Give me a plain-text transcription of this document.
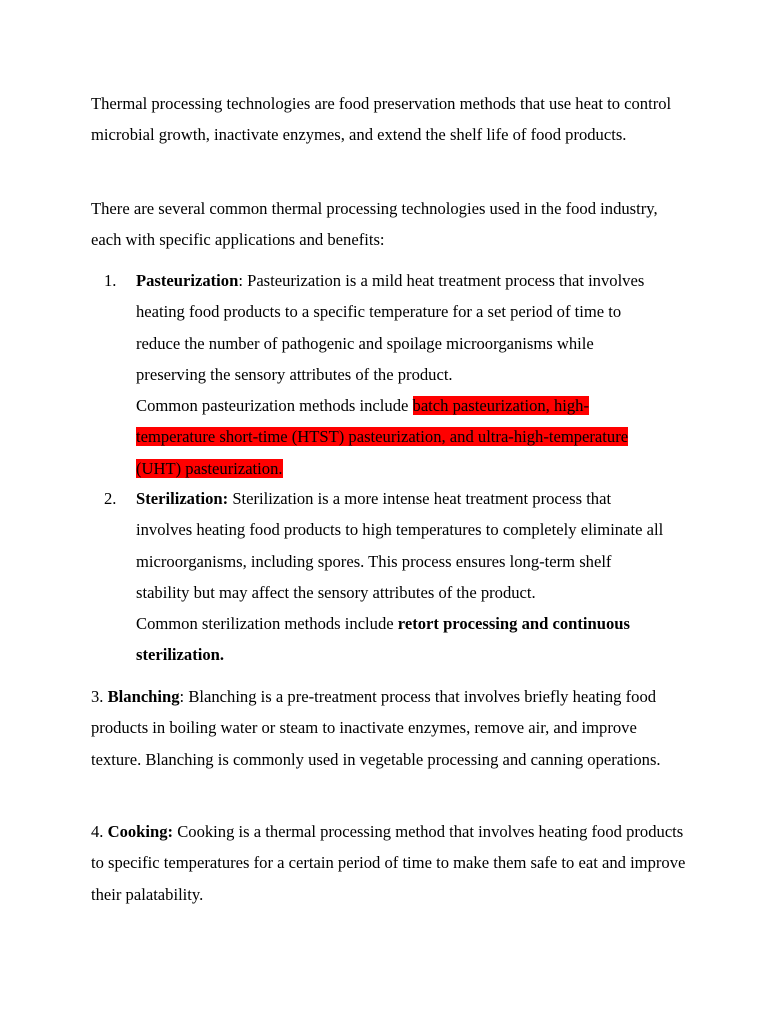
Thermal processing technologies are food preservation methods that use heat to control microbial growth, inactivate enzymes, and extend the shelf life of food products.

There are several common thermal processing technologies used in the food industry, each with specific applications and benefits:

1.	Pasteurization: Pasteurization is a mild heat treatment process that involves heating food products to a specific temperature for a set period of time to reduce the number of pathogenic and spoilage microorganisms while preserving the sensory attributes of the product.
Common pasteurization methods include batch pasteurization, high-temperature short-time (HTST) pasteurization, and ultra-high-temperature (UHT) pasteurization.
2.	Sterilization: Sterilization is a more intense heat treatment process that involves heating food products to high temperatures to completely eliminate all microorganisms, including spores. This process ensures long-term shelf stability but may affect the sensory attributes of the product.
Common sterilization methods include retort processing and continuous sterilization.

3. Blanching: Blanching is a pre-treatment process that involves briefly heating food products in boiling water or steam to inactivate enzymes, remove air, and improve texture. Blanching is commonly used in vegetable processing and canning operations.

4. Cooking: Cooking is a thermal processing method that involves heating food products to specific temperatures for a certain period of time to make them safe to eat and improve their palatability.
